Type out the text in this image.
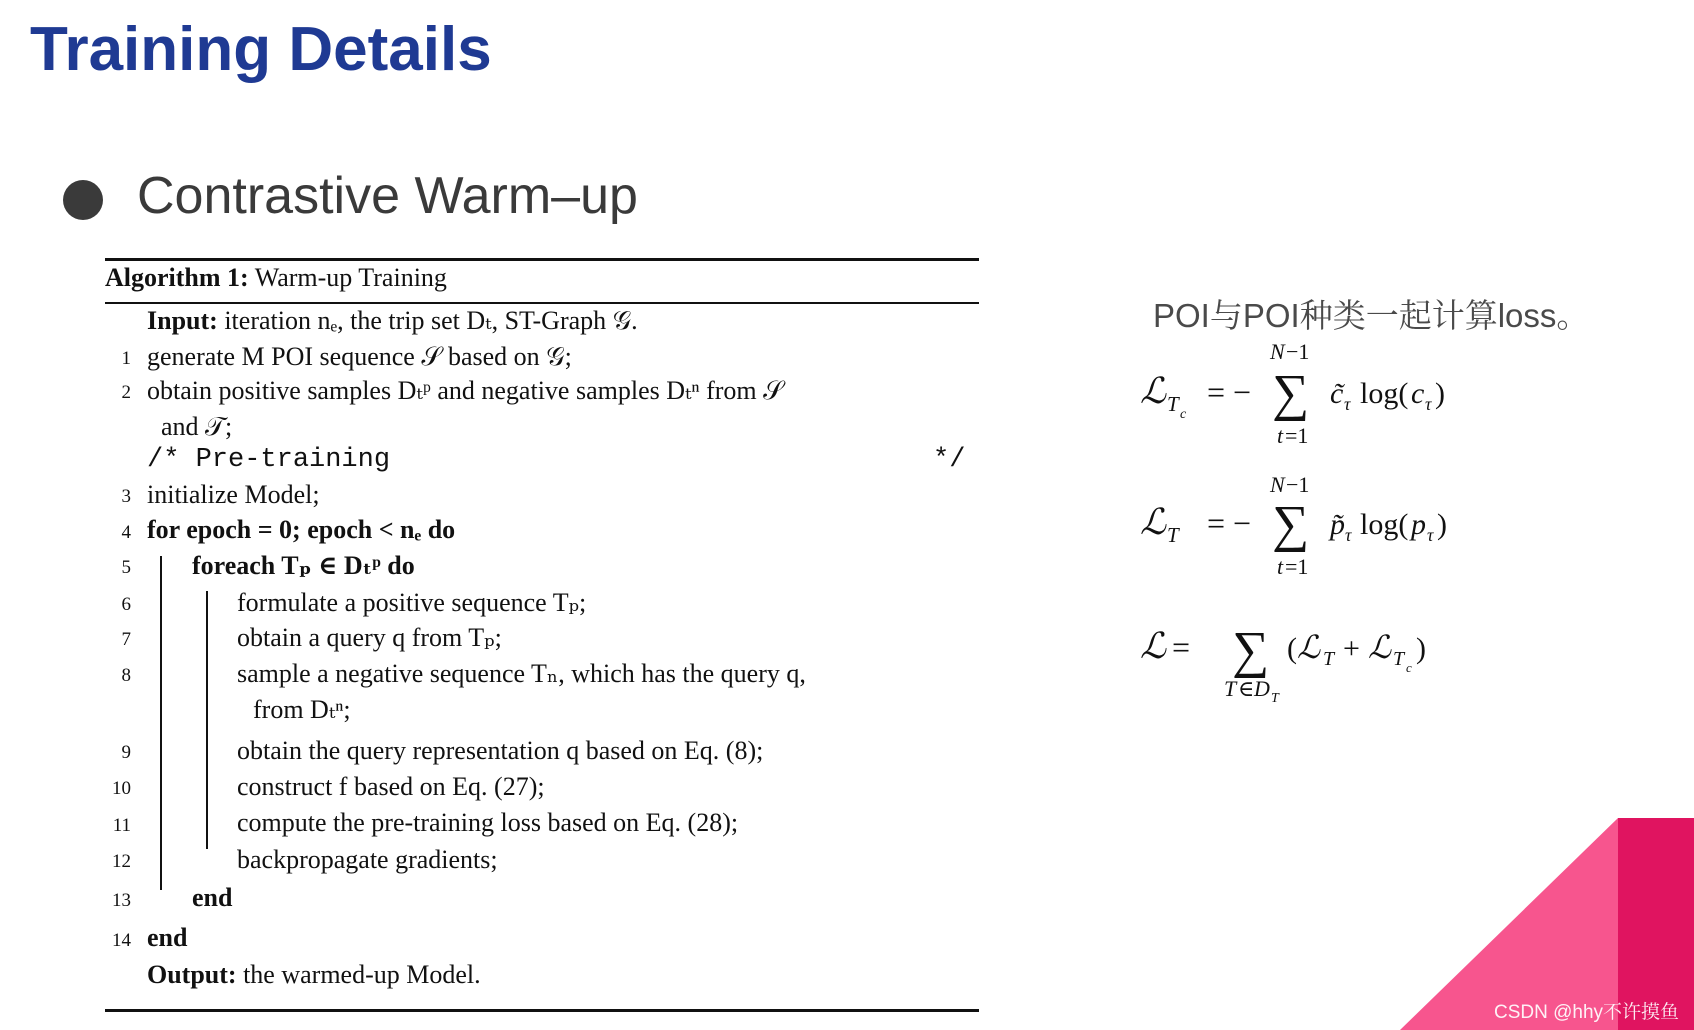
Training Details
Contrastive Warm–up
Algorithm 1: Warm-up Training
Input: iteration nₑ, the trip set Dₜ, ST-Graph 𝒢.
1 generate M POI sequence 𝒮 based on 𝒢;
2 obtain positive samples Dₜᵖ and negative samples Dₜⁿ from 𝒮
and 𝒯;
/* Pre-training	*/
3 initialize Model;
4 for epoch = 0; epoch < nₑ do
5 foreach Tₚ ∈ Dₜᵖ do
6	formulate a positive sequence Tₚ;
7	obtain a query q from Tₚ;
8	sample a negative sequence Tₙ, which has the query q,
from Dₜⁿ;
9	obtain the query representation q based on Eq. (8);
10	construct f based on Eq. (27);
11	compute the pre-training loss based on Eq. (28);
12	backpropagate gradients;
13 end
14 end
Output: the warmed-up Model.
POI与POI种类一起计算loss。
N −1
ℒ T c
= − ∑ c̃ τ log( c τ )
t =1
N −1
ℒ T = − ∑ p̃ τ log( p τ )
t =1
ℒ = ∑ ( ℒ T + ℒ T c
)
T ∈ D T
CSDN @hhy不许摸鱼
